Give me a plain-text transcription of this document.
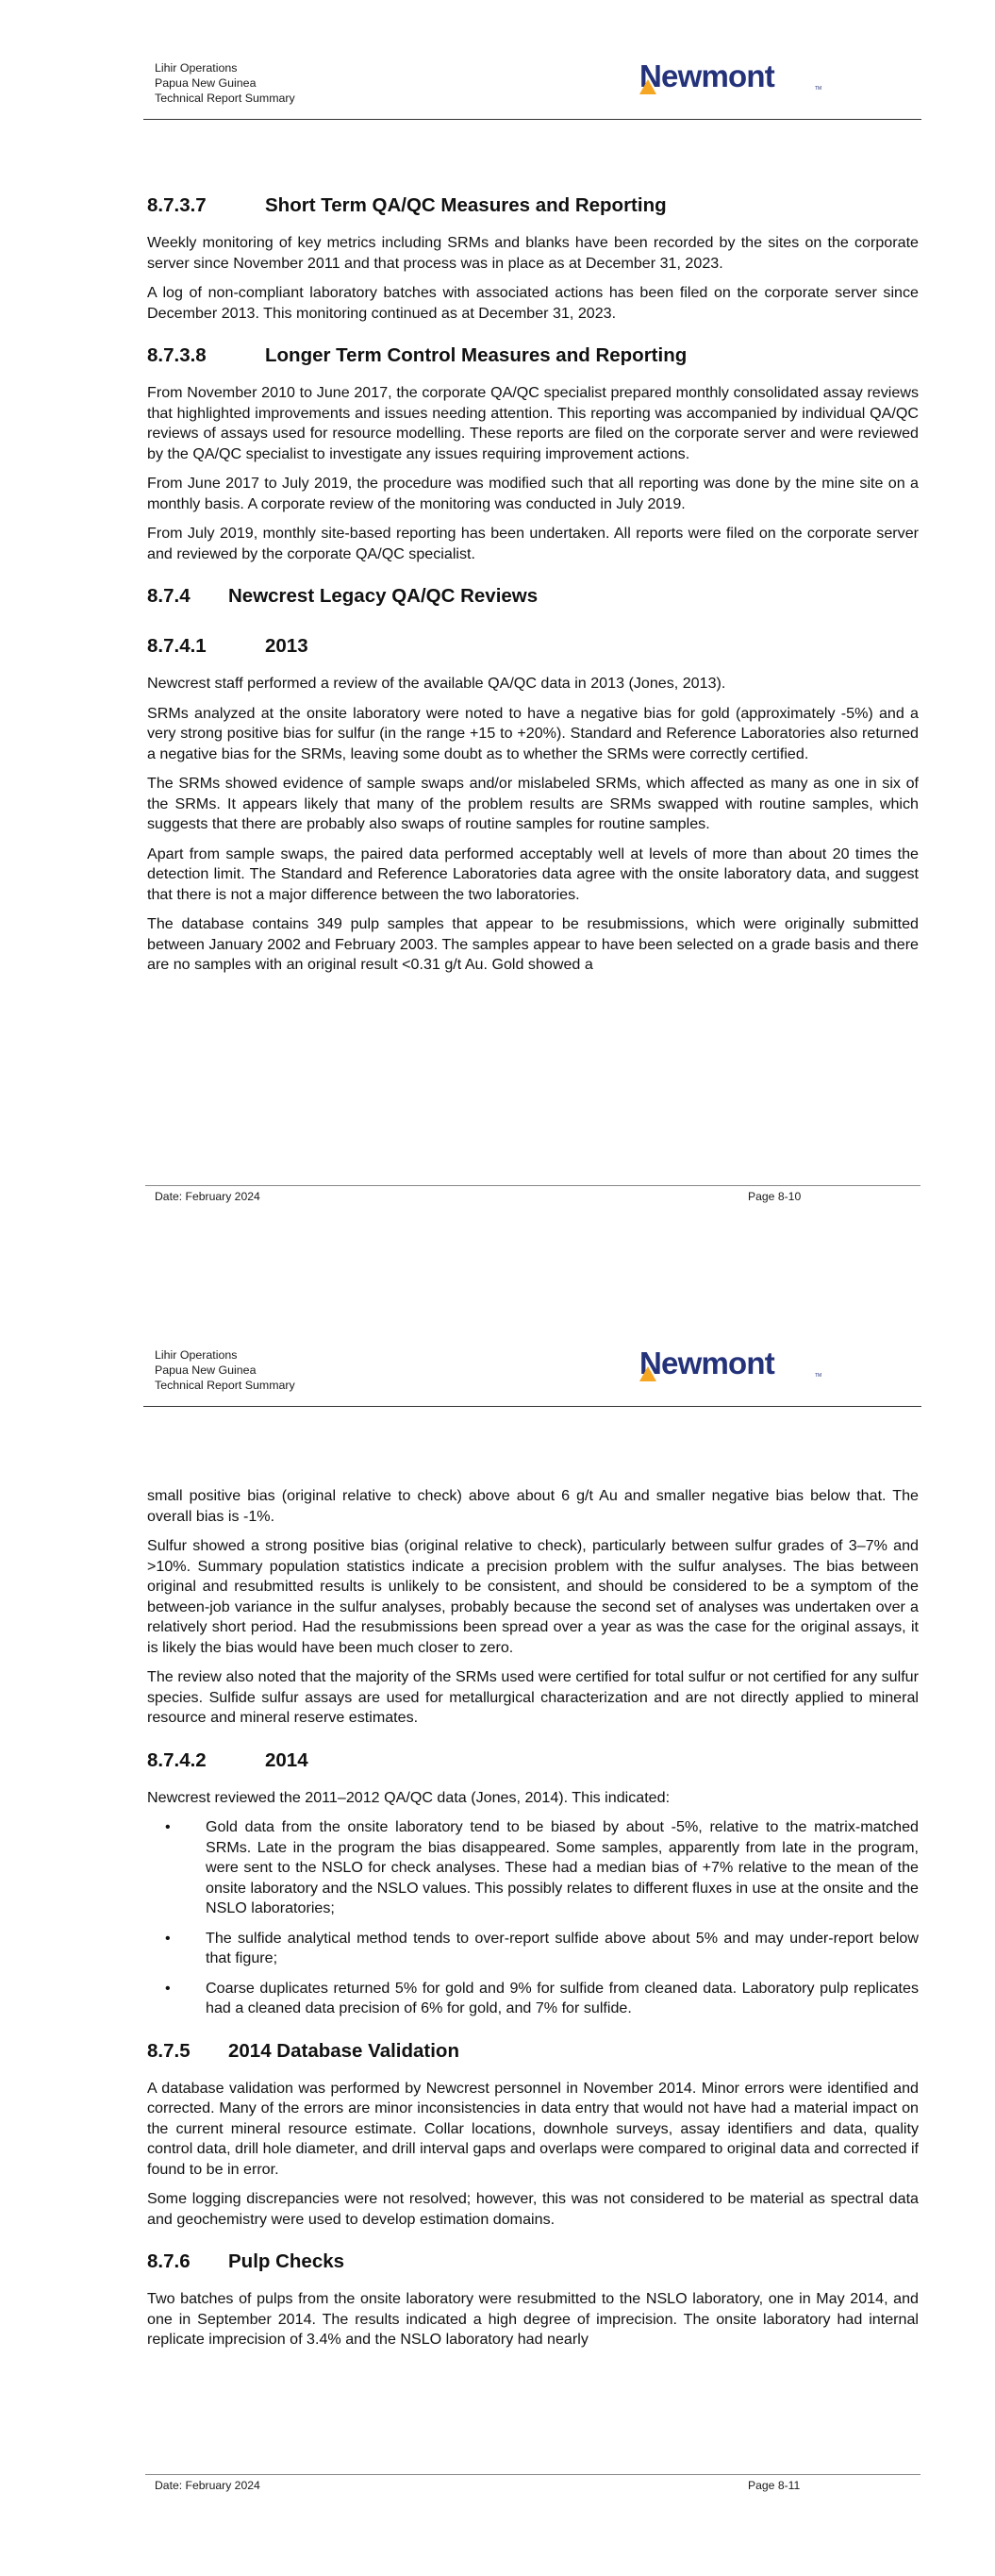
Lihir Operations
Papua New Guinea
Technical Report Summary
Newmont	TM
8.7.3.7	Short Term QA/QC Measures and Reporting

Weekly monitoring of key metrics including SRMs and blanks have been recorded by the sites on the corporate server since November 2011 and that process was in place as at December 31, 2023.

A log of non-compliant laboratory batches with associated actions has been filed on the corporate server since December 2013. This monitoring continued as at December 31, 2023.

8.7.3.8	Longer Term Control Measures and Reporting

From November 2010 to June 2017, the corporate QA/QC specialist prepared monthly consolidated assay reviews that highlighted improvements and issues needing attention. This reporting was accompanied by individual QA/QC reviews of assays used for resource modelling. These reports are filed on the corporate server and were reviewed by the QA/QC specialist to investigate any issues requiring improvement actions.

From June 2017 to July 2019, the procedure was modified such that all reporting was done by the mine site on a monthly basis. A corporate review of the monitoring was conducted in July 2019.

From July 2019, monthly site-based reporting has been undertaken. All reports were filed on the corporate server and reviewed by the corporate QA/QC specialist.

8.7.4 Newcrest Legacy QA/QC Reviews
8.7.4.1	2013

Newcrest staff performed a review of the available QA/QC data in 2013 (Jones, 2013).

SRMs analyzed at the onsite laboratory were noted to have a negative bias for gold (approximately -5%) and a very strong positive bias for sulfur (in the range +15 to +20%). Standard and Reference Laboratories also returned a negative bias for the SRMs, leaving some doubt as to whether the SRMs were correctly certified.

The SRMs showed evidence of sample swaps and/or mislabeled SRMs, which affected as many as one in six of the SRMs. It appears likely that many of the problem results are SRMs swapped with routine samples, which suggests that there are probably also swaps of routine samples for routine samples.

Apart from sample swaps, the paired data performed acceptably well at levels of more than about 20 times the detection limit. The Standard and Reference Laboratories data agree with the onsite laboratory data, and suggest that there is not a major difference between the two laboratories.

The database contains 349 pulp samples that appear to be resubmissions, which were originally submitted between January 2002 and February 2003. The samples appear to have been selected on a grade basis and there are no samples with an original result <0.31 g/t Au. Gold showed a

Date: February 2024	Page 8-10
Lihir Operations
Papua New Guinea
Technical Report Summary
Newmont	TM

small positive bias (original relative to check) above about 6 g/t Au and smaller negative bias below that. The overall bias is -1%.

Sulfur showed a strong positive bias (original relative to check), particularly between sulfur grades of 3–7% and >10%. Summary population statistics indicate a precision problem with the sulfur analyses. The bias between original and resubmitted results is unlikely to be consistent, and should be considered to be a symptom of the between-job variance in the sulfur analyses, probably because the second set of analyses was undertaken over a relatively short period. Had the resubmissions been spread over a year as was the case for the original assays, it is likely the bias would have been much closer to zero.

The review also noted that the majority of the SRMs used were certified for total sulfur or not certified for any sulfur species. Sulfide sulfur assays are used for metallurgical characterization and are not directly applied to mineral resource and mineral reserve estimates.

8.7.4.2	2014

Newcrest reviewed the 2011–2012 QA/QC data (Jones, 2014). This indicated:

• Gold data from the onsite laboratory tend to be biased by about -5%, relative to the matrix-matched SRMs. Late in the program the bias disappeared. Some samples, apparently from late in the program, were sent to the NSLO for check analyses. These had a median bias of +7% relative to the mean of the onsite laboratory and the NSLO values. This possibly relates to different fluxes in use at the onsite and the NSLO laboratories;
• The sulfide analytical method tends to over-report sulfide above about 5% and may under-report below that figure;
• Coarse duplicates returned 5% for gold and 9% for sulfide from cleaned data. Laboratory pulp replicates had a cleaned data precision of 6% for gold, and 7% for sulfide.
8.7.5 2014 Database Validation

A database validation was performed by Newcrest personnel in November 2014. Minor errors were identified and corrected. Many of the errors are minor inconsistencies in data entry that would not have had a material impact on the current mineral resource estimate. Collar locations, downhole surveys, assay identifiers and data, quality control data, drill hole diameter, and drill interval gaps and overlaps were compared to original data and corrected if found to be in error.

Some logging discrepancies were not resolved; however, this was not considered to be material as spectral data and geochemistry were used to develop estimation domains.

8.7.6 Pulp Checks

Two batches of pulps from the onsite laboratory were resubmitted to the NSLO laboratory, one in May 2014, and one in September 2014. The results indicated a high degree of imprecision. The onsite laboratory had internal replicate imprecision of 3.4% and the NSLO laboratory had nearly

Date: February 2024	Page 8-11
